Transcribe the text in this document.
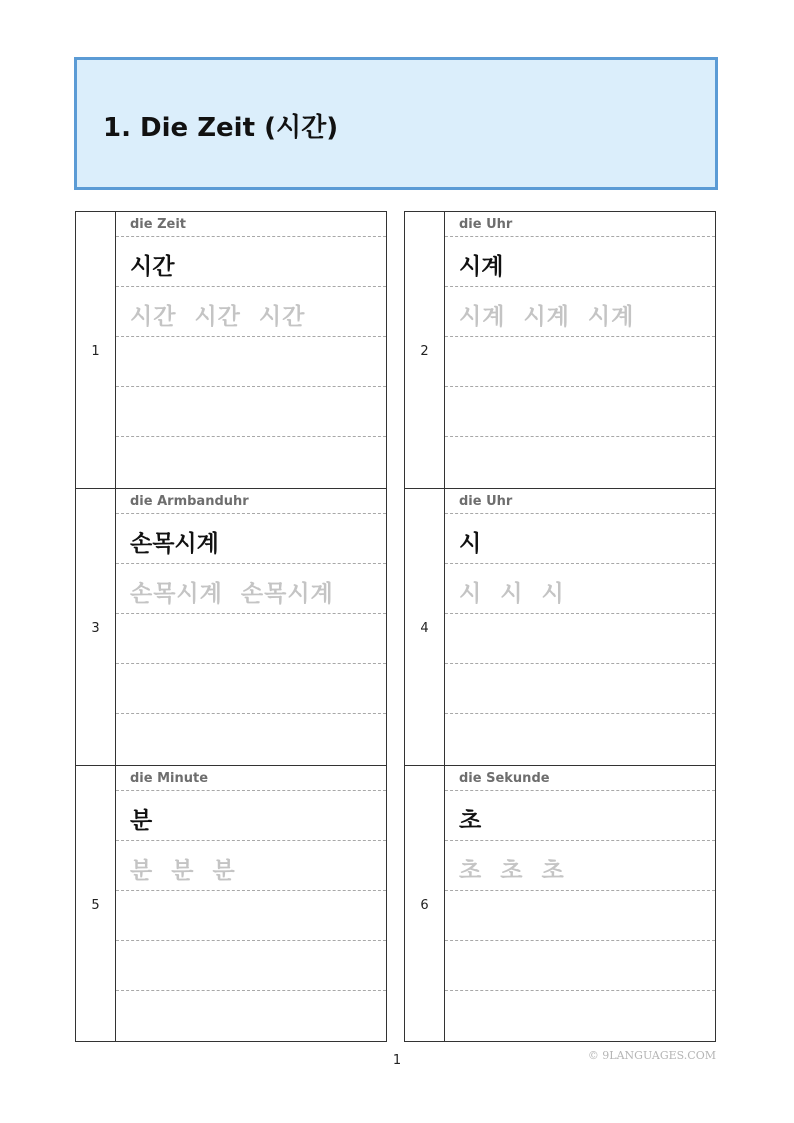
1. Die Zeit (시간)
1
die Zeit
시간
시간  시간  시간
2
die Uhr
시계
시계  시계  시계
3
die Armbanduhr
손목시계
손목시계  손목시계
4
die Uhr
시
시  시  시
5
die Minute
분
분  분  분
6
die Sekunde
초
초  초  초
1	© 9LANGUAGES.COM
